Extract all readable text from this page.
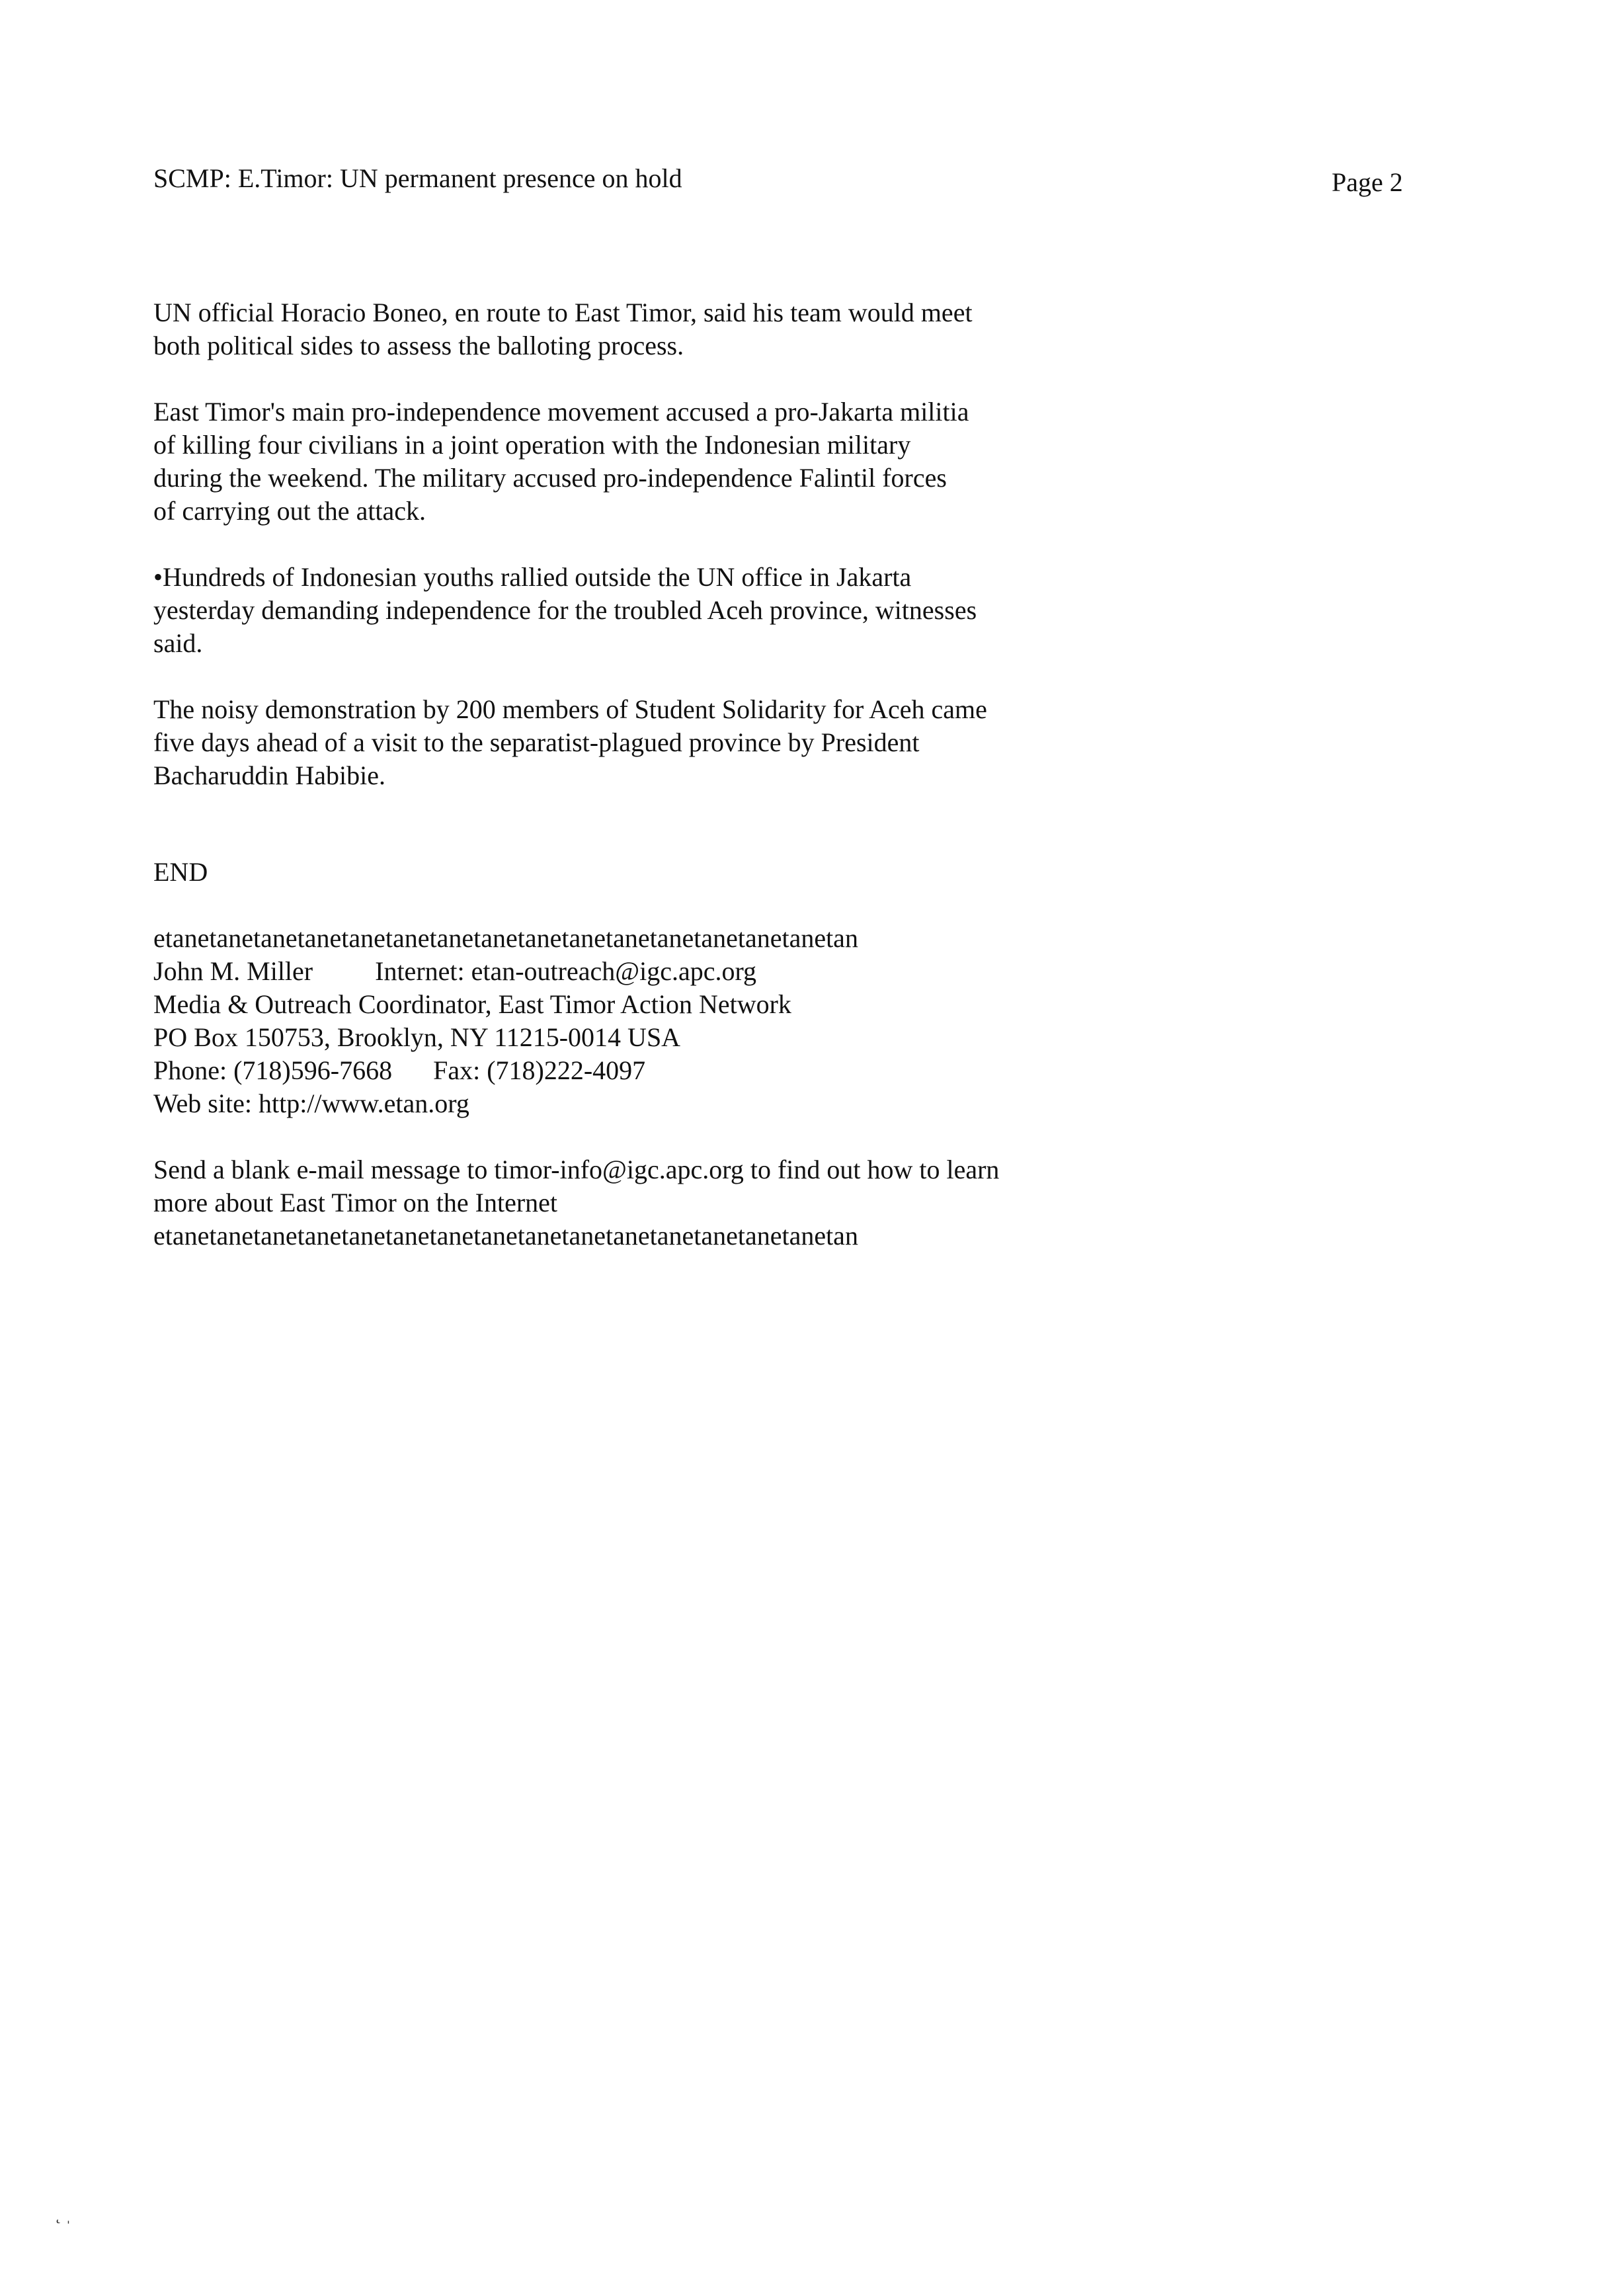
SCMP: E.Timor: UN permanent presence on hold	Page 2
UN official Horacio Boneo, en route to East Timor, said his team would meet
both political sides to assess the balloting process.
East Timor's main pro-independence movement accused a pro-Jakarta militia
of killing four civilians in a joint operation with the Indonesian military
during the weekend. The military accused pro-independence Falintil forces
of carrying out the attack.
•Hundreds of Indonesian youths rallied outside the UN office in Jakarta
yesterday demanding independence for the troubled Aceh province, witnesses
said.
The noisy demonstration by 200 members of Student Solidarity for Aceh came
five days ahead of a visit to the separatist-plagued province by President
Bacharuddin Habibie.
END
etanetanetanetanetanetanetanetanetanetanetanetanetanetanetanetan
John M. Miller Internet: etan-outreach@igc.apc.org
Media & Outreach Coordinator, East Timor Action Network
PO Box 150753, Brooklyn, NY 11215-0014 USA
Phone: (718)596-7668 Fax: (718)222-4097
Web site: http://www.etan.org
Send a blank e-mail message to timor-info@igc.apc.org to find out how to learn
more about East Timor on the Internet
etanetanetanetanetanetanetanetanetanetanetanetanetanetanetanetan
˛ ˌ
